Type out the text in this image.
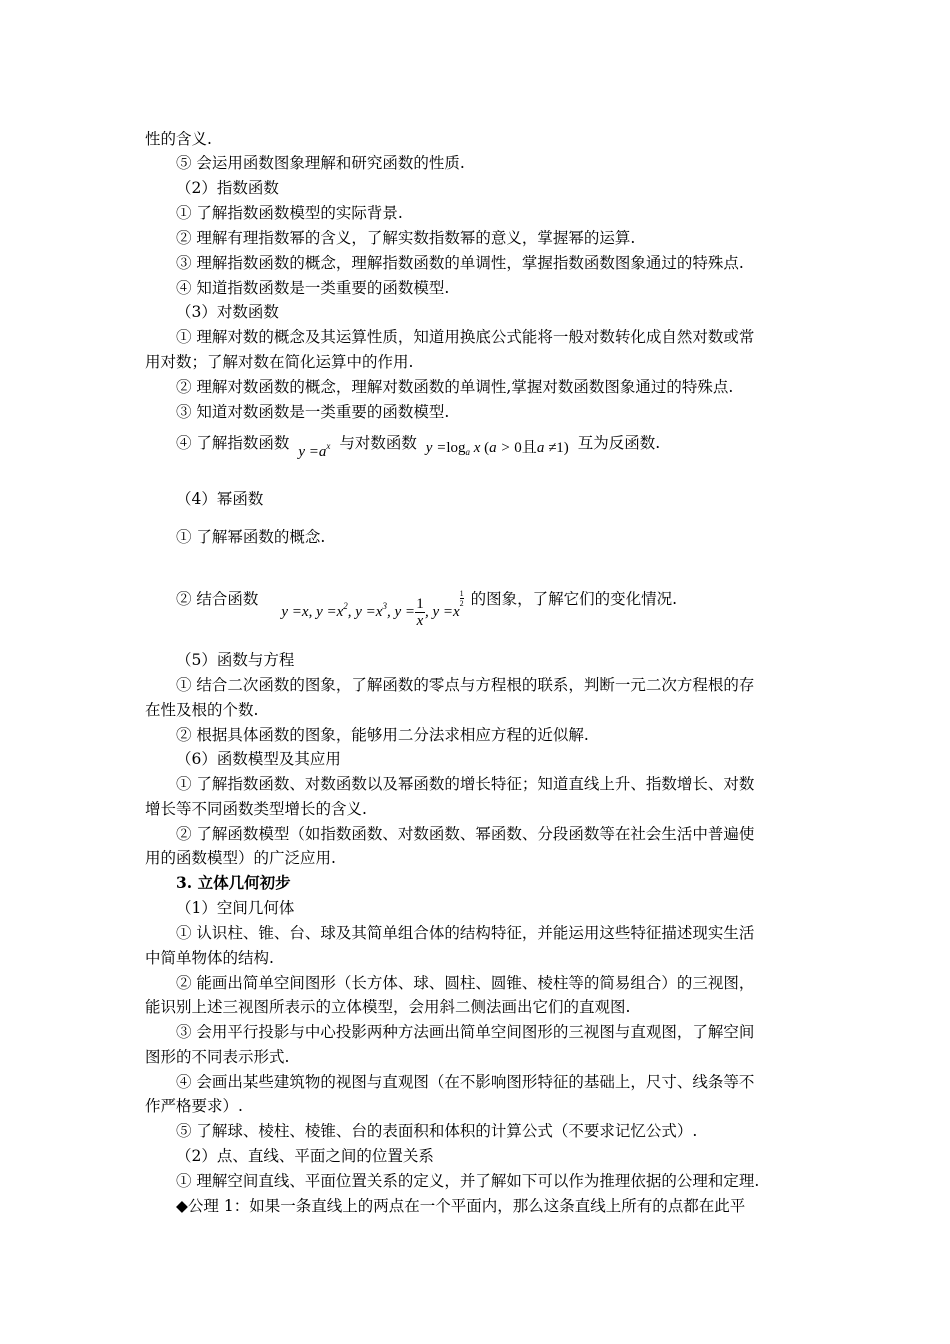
性的含义.
⑤ 会运用函数图象理解和研究函数的性质.
（2）指数函数
① 了解指数函数模型的实际背景.
② 理解有理指数幂的含义，了解实数指数幂的意义，掌握幂的运算.
③ 理解指数函数的概念，理解指数函数的单调性，掌握指数函数图象通过的特殊点.
④ 知道指数函数是一类重要的函数模型.
（3）对数函数
① 理解对数的概念及其运算性质，知道用换底公式能将一般对数转化成自然对数或常
用对数；了解对数在简化运算中的作用.
② 理解对数函数的概念，理解对数函数的单调性,掌握对数函数图象通过的特殊点.
③ 知道对数函数是一类重要的函数模型.
④ 了解指数函数 $y =a^x$ 与对数函数 $y =\log_a$ x (a > 0且a ≠1) 互为反函数.
（4）幂函数
① 了解幂函数的概念.
② 结合函数 y =x, $y =x^2$, $y =x^3$, $y = \frac{1}{x}$ , y =x
$\frac{1}{2}$ 的图象，了解它们的变化情况.
（5）函数与方程
① 结合二次函数的图象，了解函数的零点与方程根的联系，判断一元二次方程根的存
在性及根的个数.
② 根据具体函数的图象，能够用二分法求相应方程的近似解.
（6）函数模型及其应用
① 了解指数函数、对数函数以及幂函数的增长特征；知道直线上升、指数增长、对数
增长等不同函数类型增长的含义.
② 了解函数模型（如指数函数、对数函数、幂函数、分段函数等在社会生活中普遍使
用的函数模型）的广泛应用.
3. 立体几何初步
（1）空间几何体
① 认识柱、锥、台、球及其简单组合体的结构特征，并能运用这些特征描述现实生活
中简单物体的结构.
② 能画出简单空间图形（长方体、球、圆柱、圆锥、棱柱等的简易组合）的三视图，
能识别上述三视图所表示的立体模型，会用斜二侧法画出它们的直观图.
③ 会用平行投影与中心投影两种方法画出简单空间图形的三视图与直观图，了解空间
图形的不同表示形式.
④ 会画出某些建筑物的视图与直观图（在不影响图形特征的基础上，尺寸、线条等不
作严格要求）.
⑤ 了解球、棱柱、棱锥、台的表面积和体积的计算公式（不要求记忆公式）.
（2）点、直线、平面之间的位置关系
① 理解空间直线、平面位置关系的定义，并了解如下可以作为推理依据的公理和定理.
◆公理 1：如果一条直线上的两点在一个平面内，那么这条直线上所有的点都在此平
